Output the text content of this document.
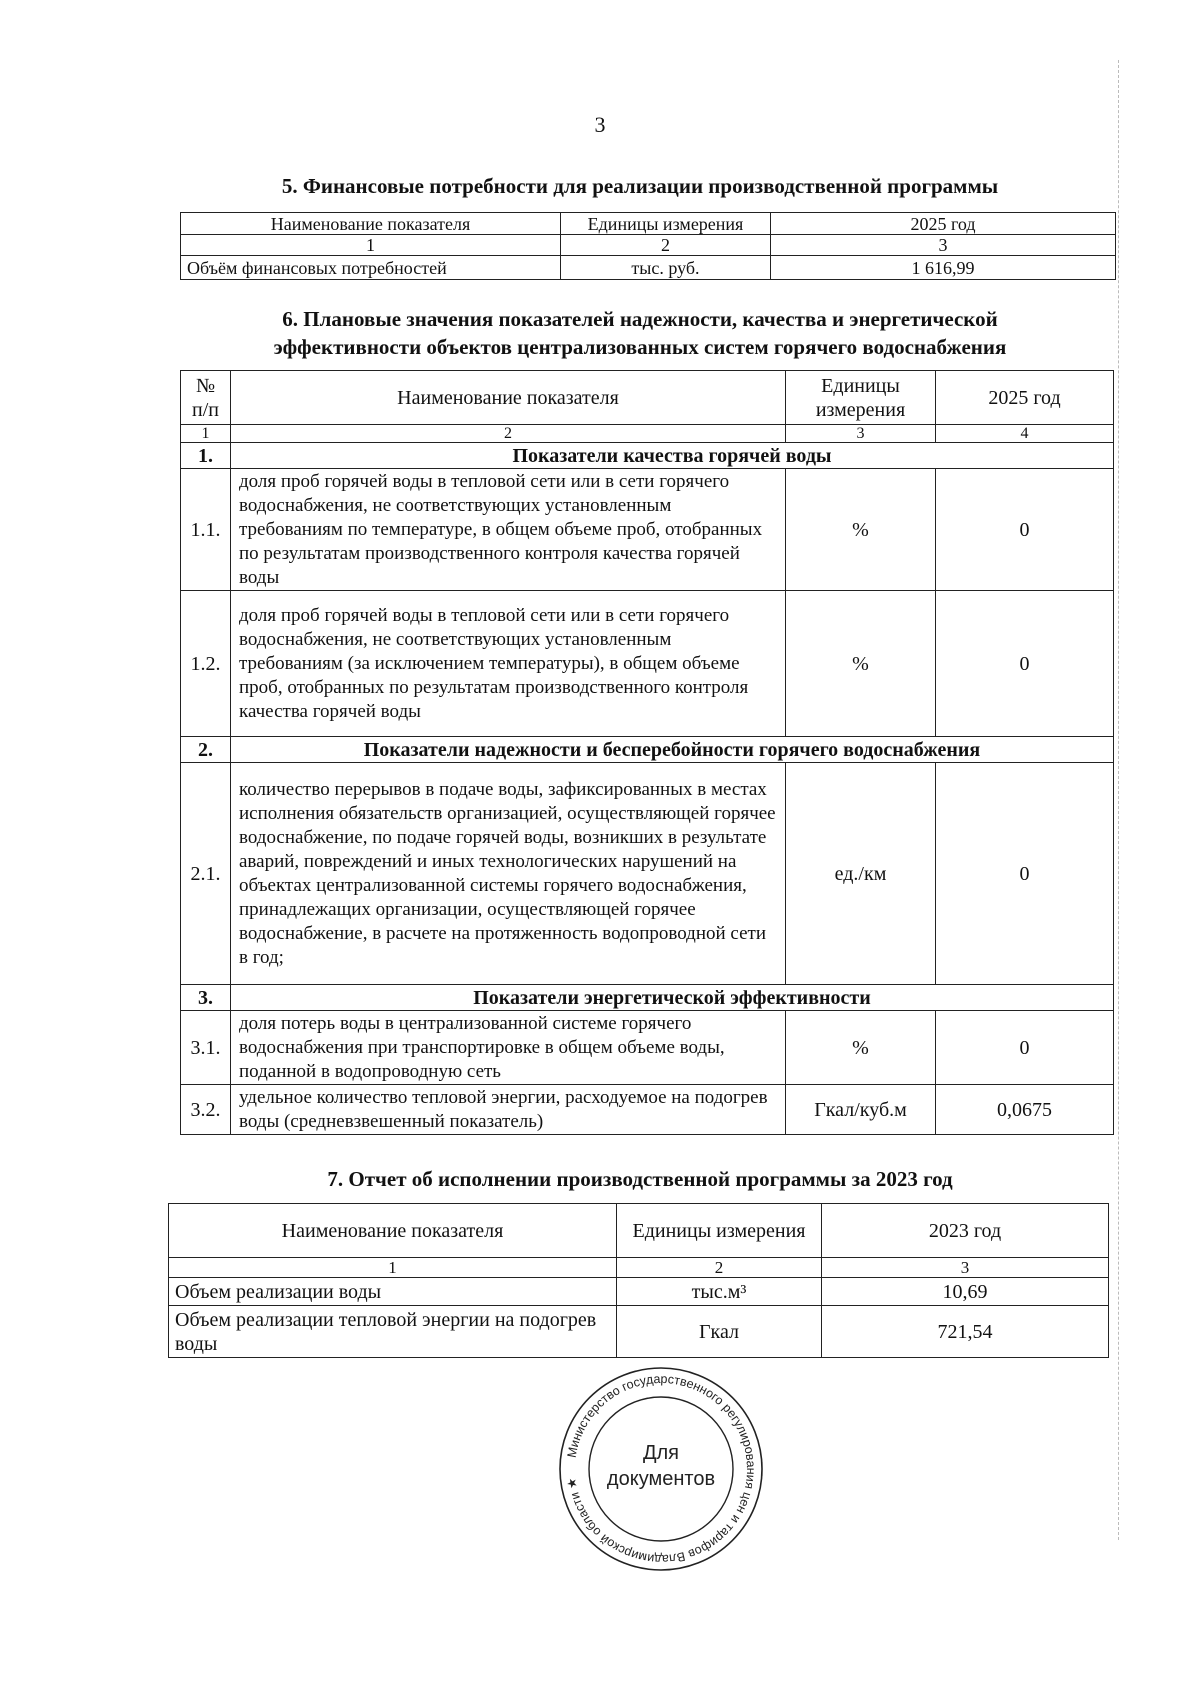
3
5. Финансовые потребности для реализации производственной программы
Наименование показателя	Единицы измерения	2025 год
1	2	3
Объём финансовых потребностей	тыс. руб.	1 616,99
6. Плановые значения показателей надежности, качества и энергетической
эффективности объектов централизованных систем горячего водоснабжения
№ п/п	Наименование показателя	Единицы измерения	2025 год
1	2	3	4
1.	Показатели качества горячей воды		
1.1.	доля проб горячей воды в тепловой сети или в сети горячего водоснабжения, не соответствующих установленным требованиям по температуре, в общем объеме проб, отобранных по результатам производственного контроля качества горячей воды	%	0
1.2.	доля проб горячей воды в тепловой сети или в сети горячего водоснабжения, не соответствующих установленным требованиям (за исключением температуры), в общем объеме проб, отобранных по результатам производственного контроля качества горячей воды	%	0
2.	Показатели надежности и бесперебойности горячего водоснабжения		
2.1.	количество перерывов в подаче воды, зафиксированных в местах исполнения обязательств организацией, осуществляющей горячее водоснабжение, по подаче горячей воды, возникших в результате аварий, повреждений и иных технологических нарушений на объектах централизованной системы горячего водоснабжения, принадлежащих организации, осуществляющей горячее водоснабжение, в расчете на протяженность водопроводной сети в год;	ед./км	0
3.	Показатели энергетической эффективности		
3.1.	доля потерь воды в централизованной системе горячего водоснабжения при транспортировке в общем объеме воды, поданной в водопроводную сеть	%	0
3.2.	удельное количество тепловой энергии, расходуемое на подогрев воды (средневзвешенный показатель)	Гкал/куб.м	0,0675
7. Отчет об исполнении производственной программы за 2023 год
Наименование показателя	Единицы измерения	2023 год
1	2	3
Объем реализации воды	тыс.м³	10,69
Объем реализации тепловой энергии на подогрев воды	Гкал	721,54
Министерство государственного регулирования цен и тарифов Владимирской области ★
Для
документов
